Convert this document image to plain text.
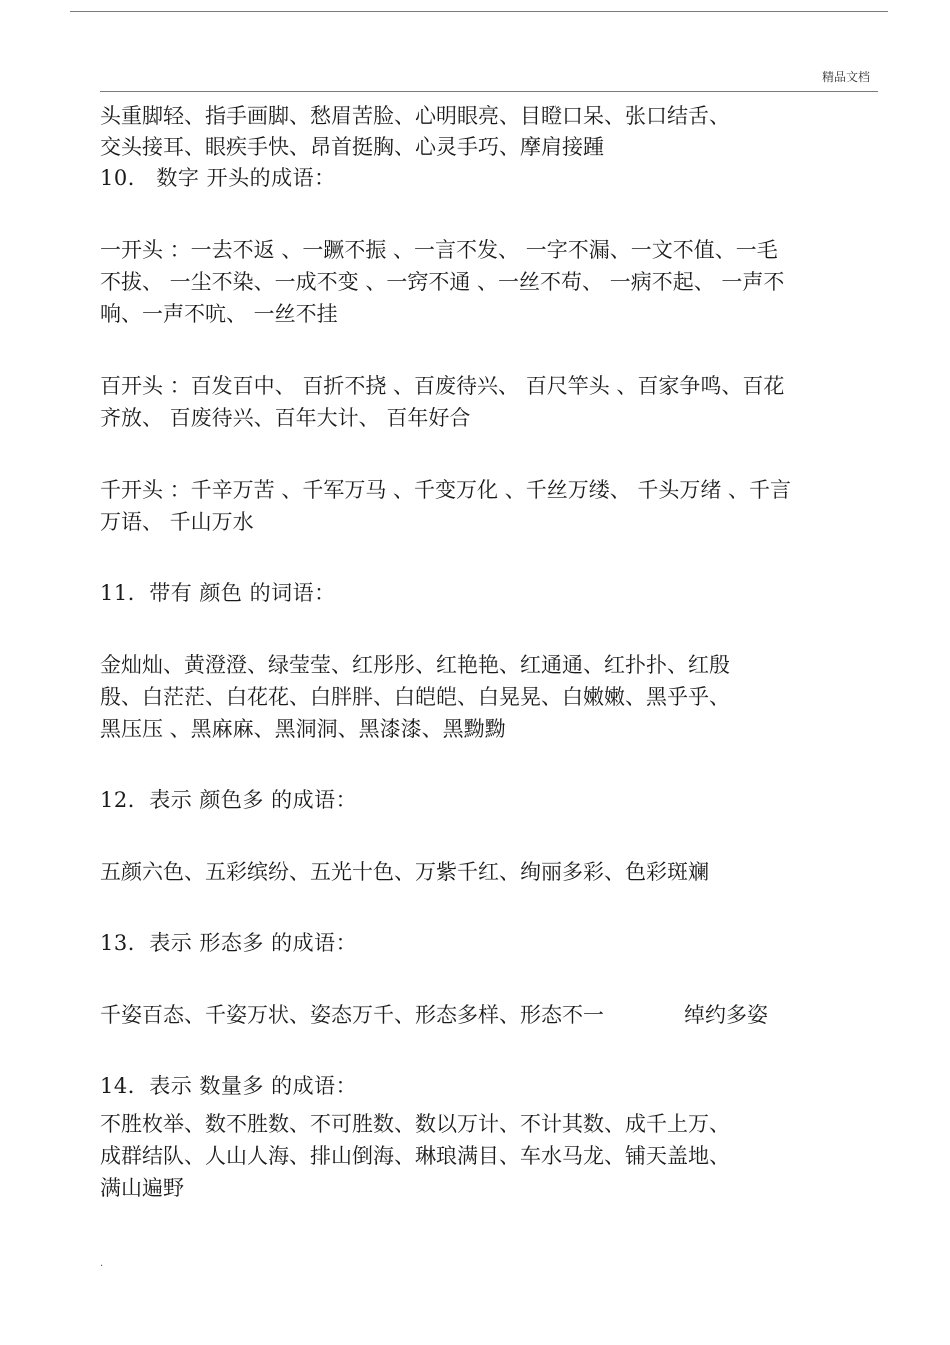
精品文档
头重脚轻、指手画脚、愁眉苦脸、心明眼亮、目瞪口呆、张口结舌、
交头接耳、眼疾手快、昂首挺胸、心灵手巧、摩肩接踵
10． 数字 开头的成语：
一开头 ：一去不返 、一蹶不振 、一言不发、 一字不漏、一文不值、一毛
不拔、 一尘不染、一成不变 、一窍不通 、一丝不苟、 一病不起、 一声不
响、一声不吭、 一丝不挂
百开头 ：百发百中、 百折不挠 、百废待兴、 百尺竿头 、百家争鸣、百花
齐放、 百废待兴、百年大计、 百年好合
千开头 ：千辛万苦 、千军万马 、千变万化 、千丝万缕、 千头万绪 、千言
万语、 千山万水
11．带有 颜色 的词语：
金灿灿、黄澄澄、绿莹莹、红彤彤、红艳艳、红通通、红扑扑、红殷
殷、白茫茫、白花花、白胖胖、白皑皑、白晃晃、白嫩嫩、黑乎乎、
黑压压 、黑麻麻、黑洞洞、黑漆漆、黑黝黝
12．表示 颜色多 的成语：
五颜六色、五彩缤纷、五光十色、万紫千红、绚丽多彩、色彩斑斓
13．表示 形态多 的成语：
千姿百态、千姿万状、姿态万千、形态多样、形态不一	绰约多姿
14．表示 数量多 的成语：
不胜枚举、数不胜数、不可胜数、数以万计、不计其数、成千上万、
成群结队、人山人海、排山倒海、琳琅满目、车水马龙、铺天盖地、
满山遍野
.
